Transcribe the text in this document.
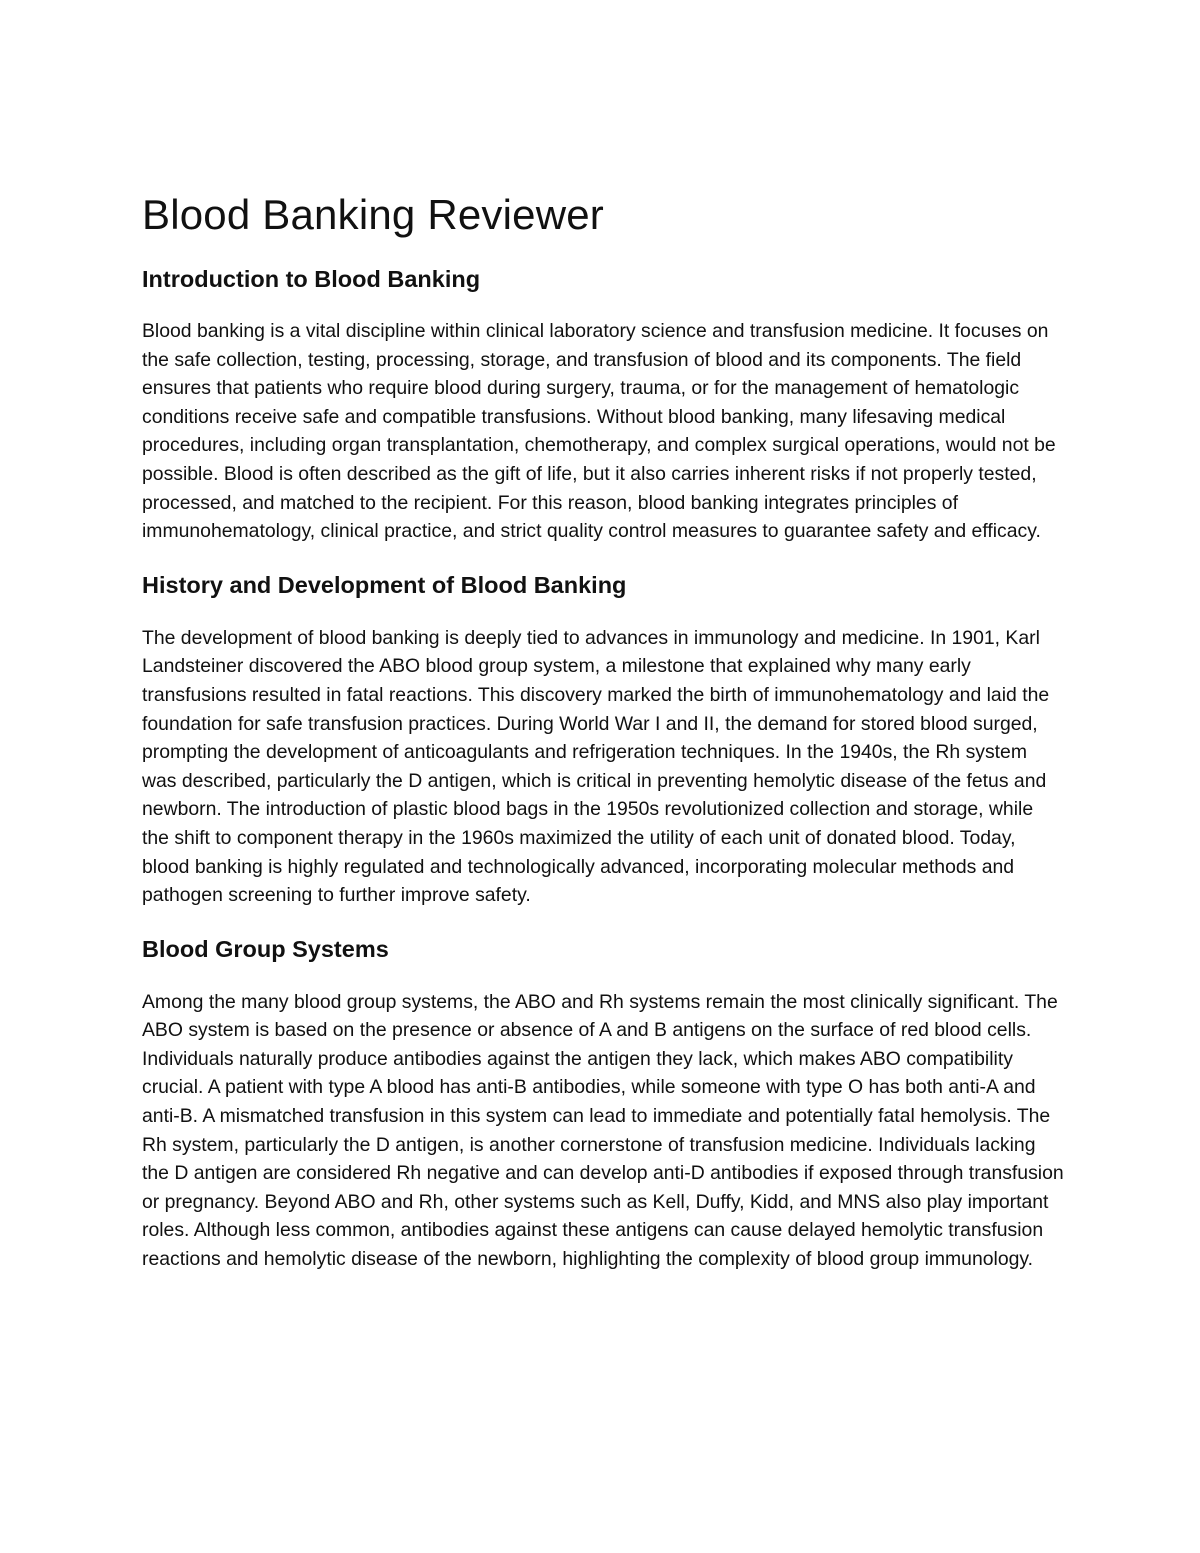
Blood Banking Reviewer
Introduction to Blood Banking

Blood banking is a vital discipline within clinical laboratory science and transfusion medicine. It focuses on the safe collection, testing, processing, storage, and transfusion of blood and its components. The field ensures that patients who require blood during surgery, trauma, or for the management of hematologic conditions receive safe and compatible transfusions. Without blood banking, many lifesaving medical procedures, including organ transplantation, chemotherapy, and complex surgical operations, would not be possible. Blood is often described as the gift of life, but it also carries inherent risks if not properly tested, processed, and matched to the recipient. For this reason, blood banking integrates principles of immunohematology, clinical practice, and strict quality control measures to guarantee safety and efficacy.

History and Development of Blood Banking

The development of blood banking is deeply tied to advances in immunology and medicine. In 1901, Karl Landsteiner discovered the ABO blood group system, a milestone that explained why many early transfusions resulted in fatal reactions. This discovery marked the birth of immunohematology and laid the foundation for safe transfusion practices. During World War I and II, the demand for stored blood surged, prompting the development of anticoagulants and refrigeration techniques. In the 1940s, the Rh system was described, particularly the D antigen, which is critical in preventing hemolytic disease of the fetus and newborn. The introduction of plastic blood bags in the 1950s revolutionized collection and storage, while the shift to component therapy in the 1960s maximized the utility of each unit of donated blood. Today, blood banking is highly regulated and technologically advanced, incorporating molecular methods and pathogen screening to further improve safety.

Blood Group Systems

Among the many blood group systems, the ABO and Rh systems remain the most clinically significant. The ABO system is based on the presence or absence of A and B antigens on the surface of red blood cells. Individuals naturally produce antibodies against the antigen they lack, which makes ABO compatibility crucial. A patient with type A blood has anti-B antibodies, while someone with type O has both anti-A and anti-B. A mismatched transfusion in this system can lead to immediate and potentially fatal hemolysis. The Rh system, particularly the D antigen, is another cornerstone of transfusion medicine. Individuals lacking the D antigen are considered Rh negative and can develop anti-D antibodies if exposed through transfusion or pregnancy. Beyond ABO and Rh, other systems such as Kell, Duffy, Kidd, and MNS also play important roles. Although less common, antibodies against these antigens can cause delayed hemolytic transfusion reactions and hemolytic disease of the newborn, highlighting the complexity of blood group immunology.
